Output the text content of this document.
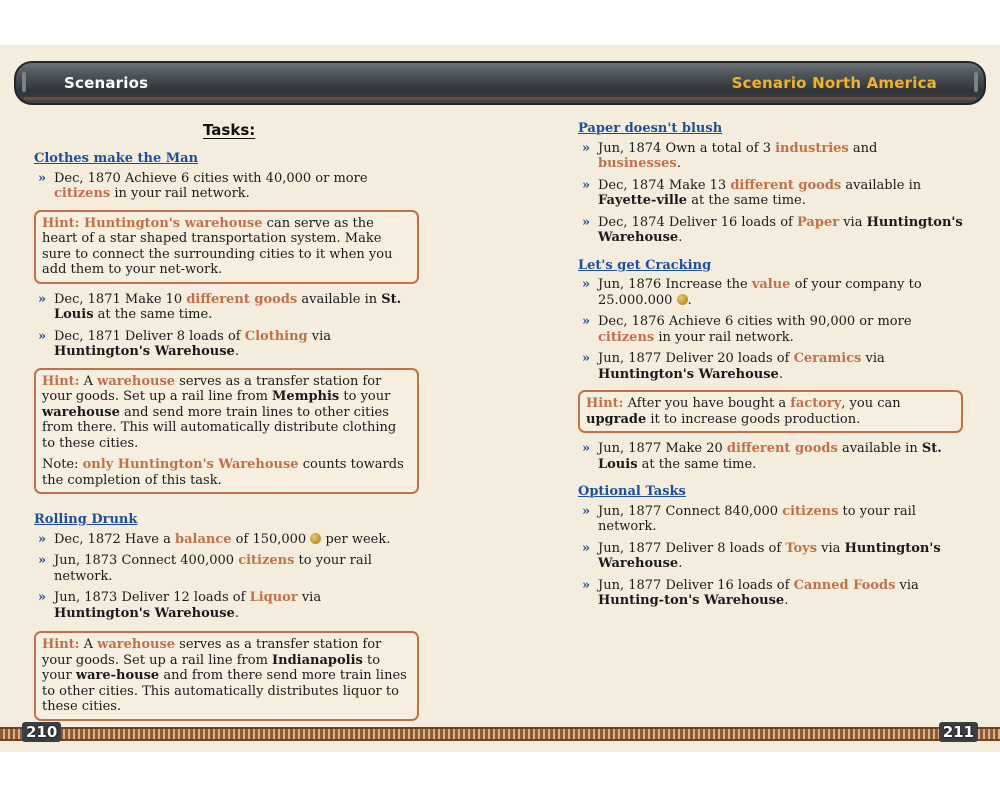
Scenarios	Scenario North America
Tasks:
Clothes make the Man
» Dec, 1870 Achieve 6 cities with 40,000 or more citizens in your rail network.

Hint: Huntington's warehouse can serve as the heart of a star shaped transportation system. Make sure to connect the surrounding cities to it when you add them to your net-work.

» Dec, 1871 Make 10 different goods available in St. Louis at the same time.
» Dec, 1871 Deliver 8 loads of Clothing via Huntington's Warehouse.

Hint: A warehouse serves as a transfer station for your goods. Set up a rail line from Memphis to your warehouse and send more train lines to other cities from there. This will automatically distribute clothing to these cities.

Note: only Huntington's Warehouse counts towards the completion of this task.

Rolling Drunk
» Dec, 1872 Have a balance of 150,000  per week.
» Jun, 1873 Connect 400,000 citizens to your rail network.
» Jun, 1873 Deliver 12 loads of Liquor via Huntington's Warehouse.

Hint: A warehouse serves as a transfer station for your goods. Set up a rail line from Indianapolis to your ware-house and from there send more train lines to other cities. This automatically distributes liquor to these cities.

Paper doesn't blush
» Jun, 1874 Own a total of 3 industries and businesses.
» Dec, 1874 Make 13 different goods available in Fayette-ville at the same time.
» Dec, 1874 Deliver 16 loads of Paper via Huntington's Warehouse.
Let's get Cracking
» Jun, 1876 Increase the value of your company to 25.000.000 .
» Dec, 1876 Achieve 6 cities with 90,000 or more citizens in your rail network.
» Jun, 1877 Deliver 20 loads of Ceramics via Huntington's Warehouse.

Hint: After you have bought a factory, you can upgrade it to increase goods production.

» Jun, 1877 Make 20 different goods available in St. Louis at the same time.
Optional Tasks
» Jun, 1877 Connect 840,000 citizens to your rail network.
» Jun, 1877 Deliver 8 loads of Toys via Huntington's Warehouse.
» Jun, 1877 Deliver 16 loads of Canned Foods via Hunting-ton's Warehouse.
210	211
